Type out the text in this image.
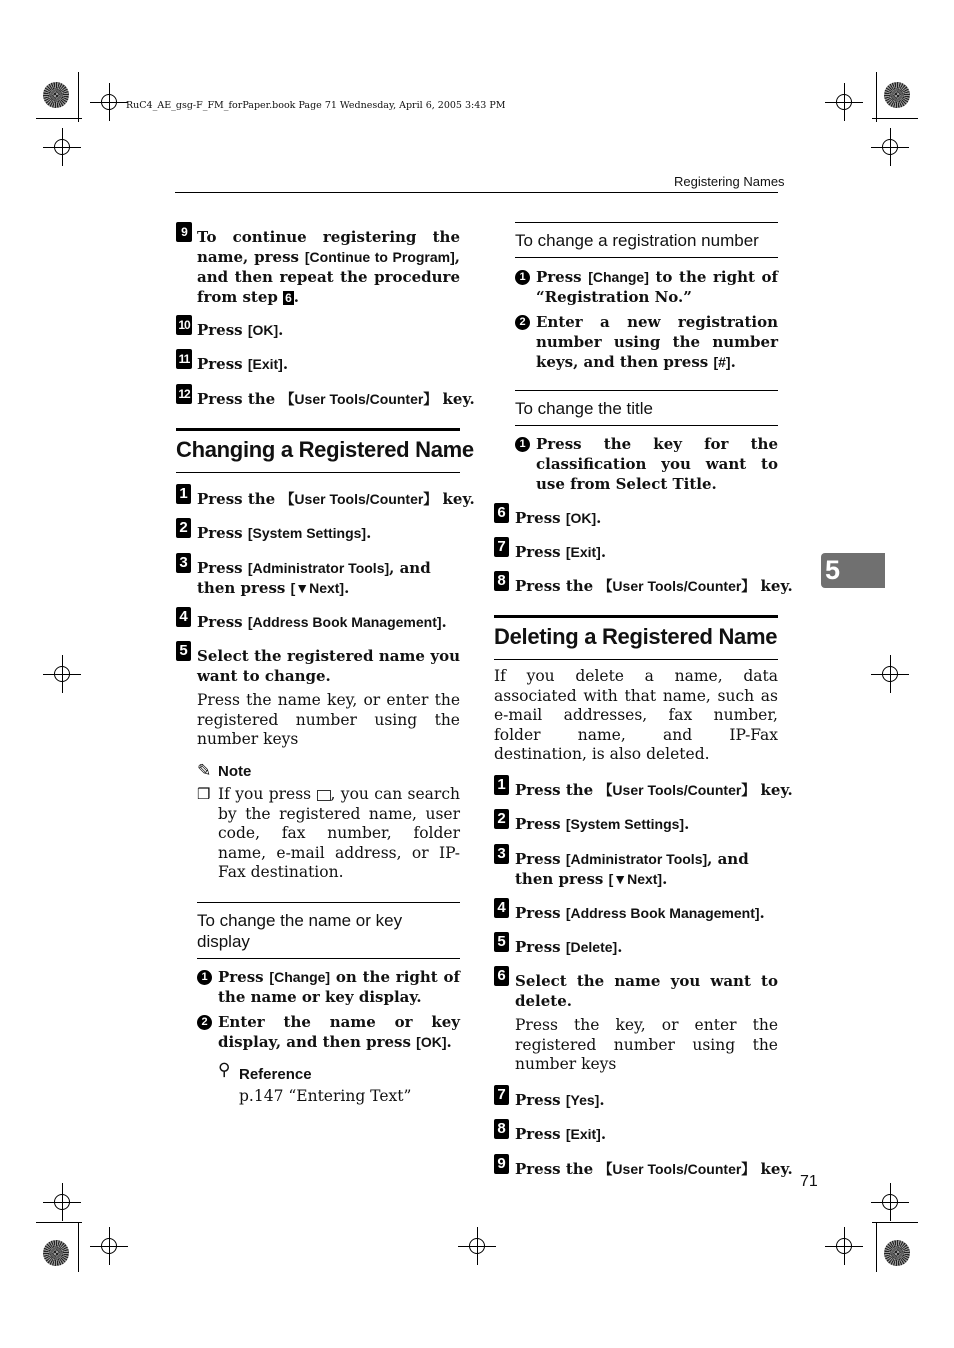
RuC4_AE_gsg-F_FM_forPaper.book Page 71 Wednesday, April 6, 2005 3:43 PM
Registering Names
5
71
9 To continue registering the name, press [Continue to Program], and then repeat the procedure from step 6 .
10 Press [OK].
11 Press [Exit].
12 Press the 【User Tools/Counter】 key.
Changing a Registered Name
1 Press the 【User Tools/Counter】 key.
2 Press [System Settings].
3 Press [Administrator Tools], and then press [▼Next].
4 Press [Address Book Management].
5 Select the registered name you want to change.
Press the name key, or enter the registered number using the number keys
✎ Note
❒ If you press , you can search by the registered name, user code, fax number, folder name, e-mail address, or IP-Fax destination.
To change the name or key display
1 Press [Change] on the right of the name or key display.
2 Enter the name or key display, and then press [OK].
⚲ Reference
p.147 “Entering Text”
To change a registration number
1 Press [Change] to the right of “Registration No.”
2 Enter a new registration number using the number keys, and then press [#].
To change the title
1 Press the key for the classification you want to use from Select Title.
6 Press [OK].
7 Press [Exit].
8 Press the 【User Tools/Counter】 key.
Deleting a Registered Name
If you delete a name, data associated with that name, such as e-mail addresses, fax number, folder name, and IP-Fax destination, is also deleted.
1 Press the 【User Tools/Counter】 key.
2 Press [System Settings].
3 Press [Administrator Tools], and then press [▼Next].
4 Press [Address Book Management].
5 Press [Delete].
6 Select the name you want to delete.
Press the key, or enter the registered number using the number keys
7 Press [Yes].
8 Press [Exit].
9 Press the 【User Tools/Counter】 key.
